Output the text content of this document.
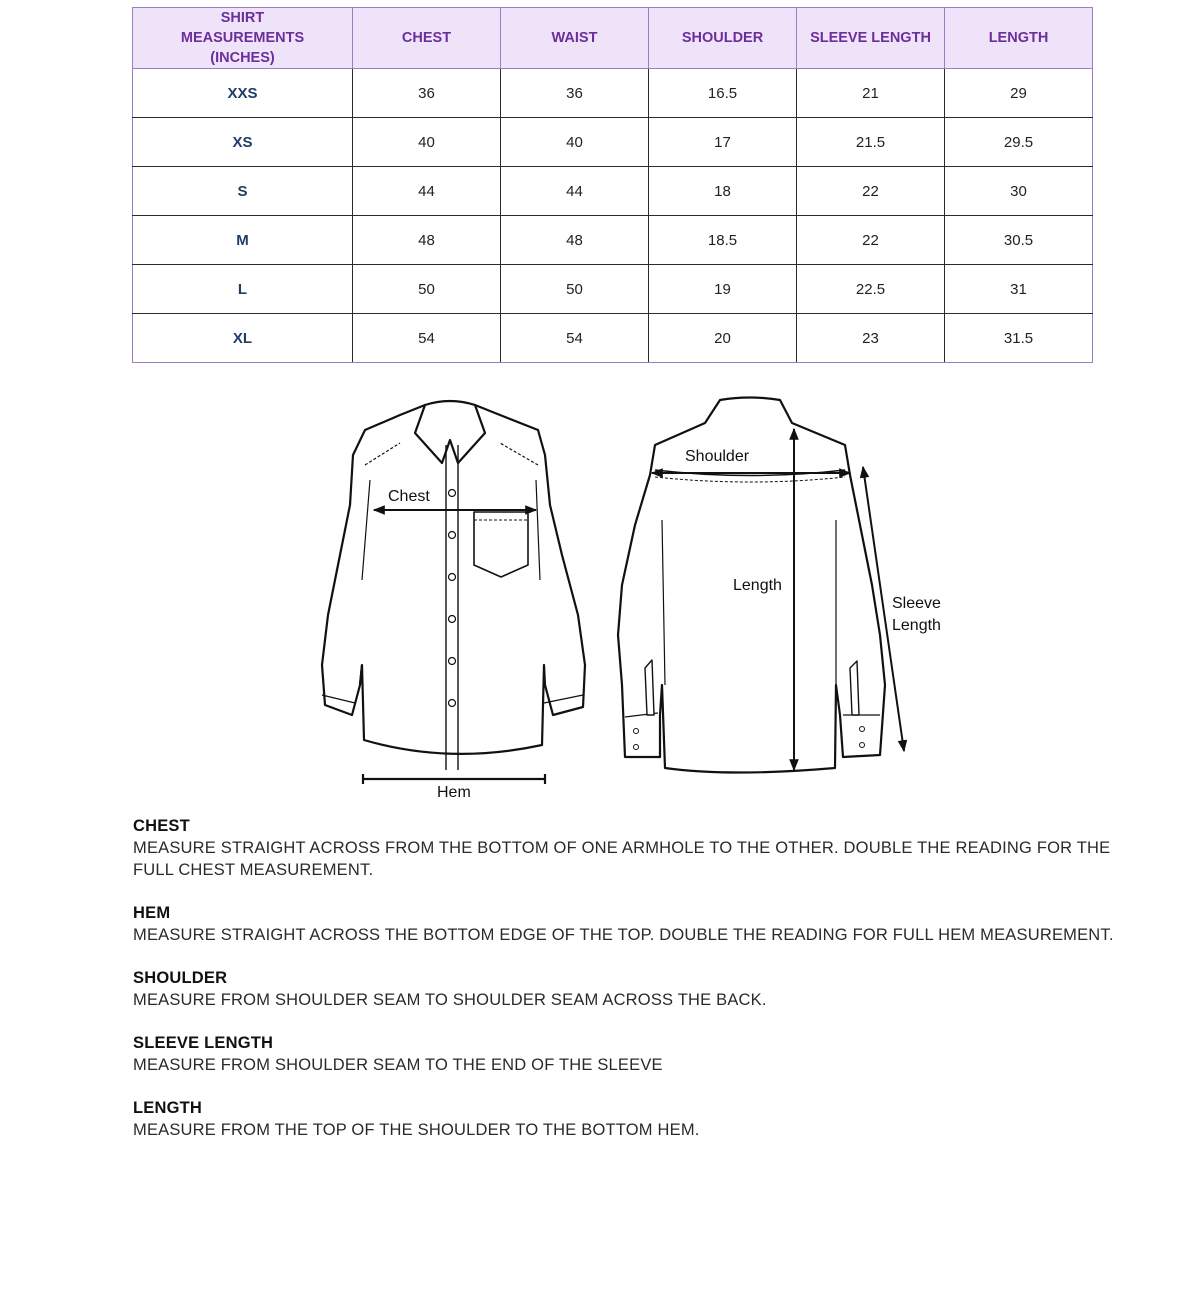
SHIRT MEASUREMENTS (INCHES)	CHEST	WAIST	SHOULDER	SLEEVE LENGTH	LENGTH
XXS	36	36	16.5	21	29
XS	40	40	17	21.5	29.5
S	44	44	18	22	30
M	48	48	18.5	22	30.5
L	50	50	19	22.5	31
XL	54	54	20	23	31.5
Chest
Hem
Shoulder
Length
Sleeve
Length
CHEST
MEASURE STRAIGHT ACROSS FROM THE BOTTOM OF ONE ARMHOLE TO THE OTHER. DOUBLE THE READING FOR THE FULL CHEST MEASUREMENT.
HEM
MEASURE STRAIGHT ACROSS THE BOTTOM EDGE OF THE TOP. DOUBLE THE READING FOR FULL HEM MEASUREMENT.
SHOULDER
MEASURE FROM SHOULDER SEAM TO SHOULDER SEAM ACROSS THE BACK.
SLEEVE LENGTH
MEASURE FROM SHOULDER SEAM TO THE END OF THE SLEEVE
LENGTH
MEASURE FROM THE TOP OF THE SHOULDER TO THE BOTTOM HEM.
